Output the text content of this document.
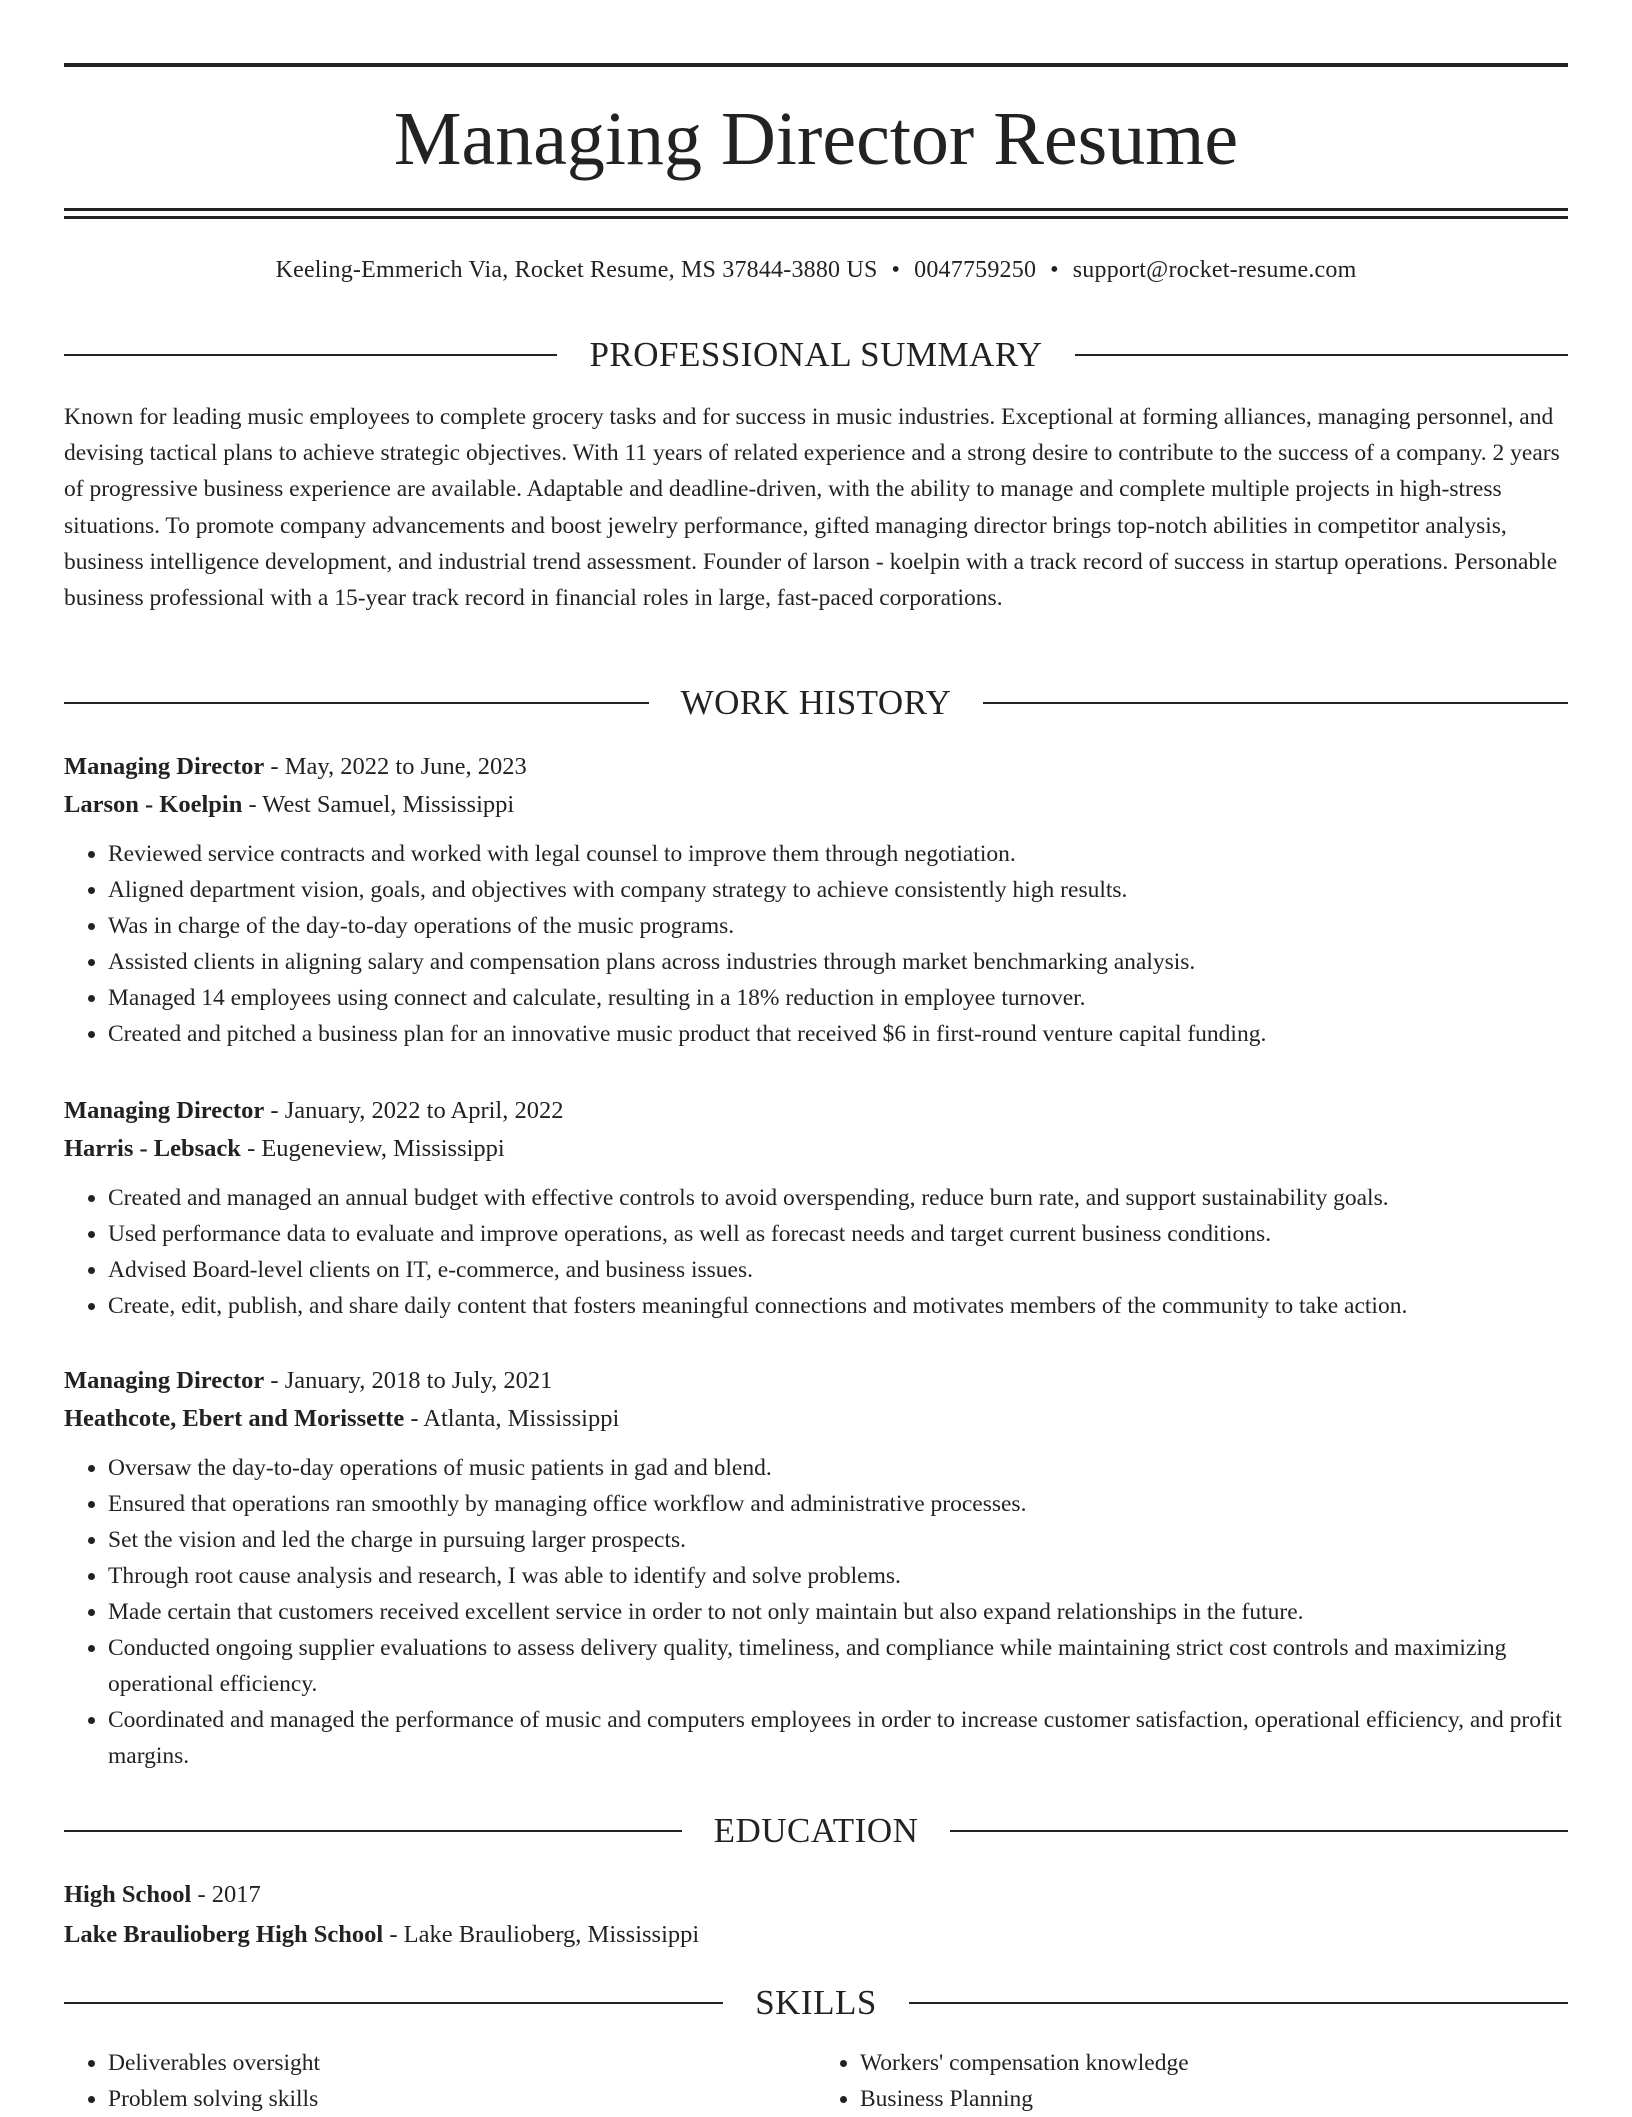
Managing Director Resume
Keeling-Emmerich Via, Rocket Resume, MS 37844-3880 US • 0047759250 • support@rocket-resume.com
PROFESSIONAL SUMMARY

Known for leading music employees to complete grocery tasks and for success in music industries. Exceptional at forming alliances, managing personnel, and devising tactical plans to achieve strategic objectives. With 11 years of related experience and a strong desire to contribute to the success of a company. 2 years of progressive business experience are available. Adaptable and deadline-driven, with the ability to manage and complete multiple projects in high-stress situations. To promote company advancements and boost jewelry performance, gifted managing director brings top-notch abilities in competitor analysis, business intelligence development, and industrial trend assessment. Founder of larson - koelpin with a track record of success in startup operations. Personable business professional with a 15-year track record in financial roles in large, fast-paced corporations.

WORK HISTORY
Managing Director - May, 2022 to June, 2023
Larson - Koelpin - West Samuel, Mississippi
• Reviewed service contracts and worked with legal counsel to improve them through negotiation.
• Aligned department vision, goals, and objectives with company strategy to achieve consistently high results.
• Was in charge of the day-to-day operations of the music programs.
• Assisted clients in aligning salary and compensation plans across industries through market benchmarking analysis.
• Managed 14 employees using connect and calculate, resulting in a 18% reduction in employee turnover.
• Created and pitched a business plan for an innovative music product that received $6 in first-round venture capital funding.
Managing Director - January, 2022 to April, 2022
Harris - Lebsack - Eugeneview, Mississippi
• Created and managed an annual budget with effective controls to avoid overspending, reduce burn rate, and support sustainability goals.
• Used performance data to evaluate and improve operations, as well as forecast needs and target current business conditions.
• Advised Board-level clients on IT, e-commerce, and business issues.
• Create, edit, publish, and share daily content that fosters meaningful connections and motivates members of the community to take action.
Managing Director - January, 2018 to July, 2021
Heathcote, Ebert and Morissette - Atlanta, Mississippi
• Oversaw the day-to-day operations of music patients in gad and blend.
• Ensured that operations ran smoothly by managing office workflow and administrative processes.
• Set the vision and led the charge in pursuing larger prospects.
• Through root cause analysis and research, I was able to identify and solve problems.
• Made certain that customers received excellent service in order to not only maintain but also expand relationships in the future.
• Conducted ongoing supplier evaluations to assess delivery quality, timeliness, and compliance while maintaining strict cost controls and maximizing operational efficiency.
• Coordinated and managed the performance of music and computers employees in order to increase customer satisfaction, operational efficiency, and profit margins.
EDUCATION
High School - 2017
Lake Braulioberg High School - Lake Braulioberg, Mississippi
SKILLS
• Deliverables oversight
• Problem solving skills
• Workers' compensation knowledge
• Business Planning
